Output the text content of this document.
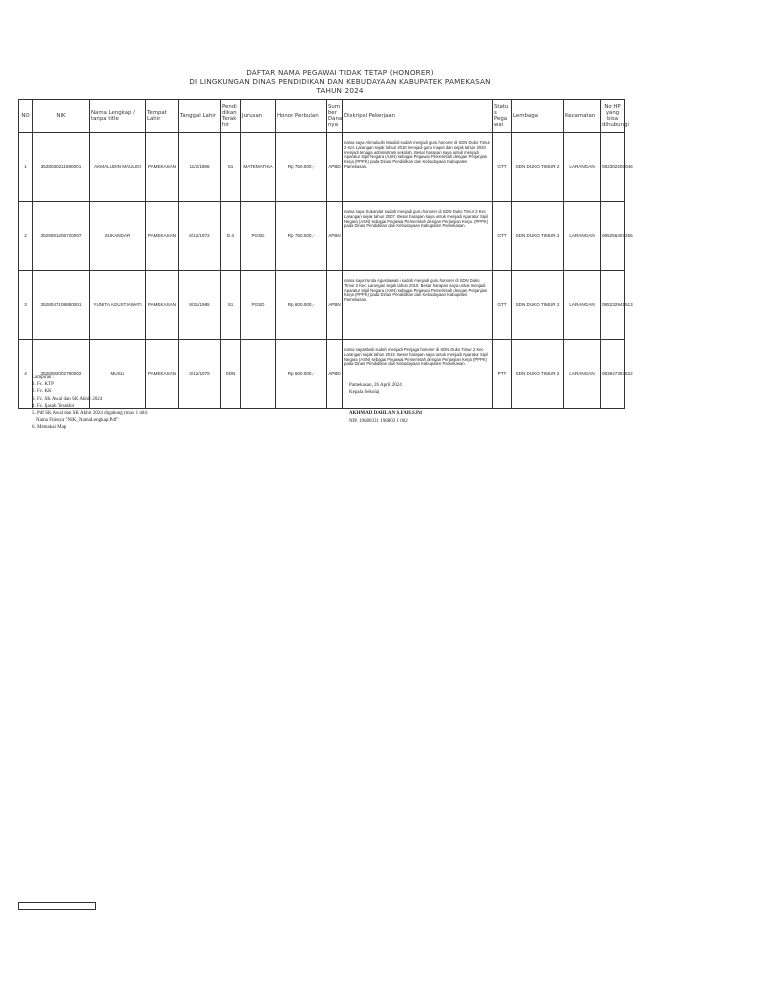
DAFTAR NAMA PEGAWAI TIDAK TETAP (HONORER)
DI LINGKUNGAN DINAS PENDIDIKAN DAN KEBUDAYAAN KABUPATEK PAMEKASAN
TAHUN 2024
NO	NIK	Nama Lengkap / tanpa title	Tempat Lahir	Tanggal Lahir	Pendi dikan Terak hir	Jurusan	Honor Perbulan	Sum ber Dana nya	Diskripsi Pekerjaan	Statu s Pega wai	Lembaga	Kecamatan	No HP yang bisa dihubungi
1	3528030211880001	AKMALUDIN MAULIDI	PAMEKASAN	11/2/1988	S1	MATEMATIKA	Rp 750.000,-	APBD	nama saya Akmaludin Maulidi sudah menjadi guru honorer di SDN Duko Timur 2 Kec Larangan sejak tahun 2010 menjadi guru mapel dan sejak tahun 2020 menjadi tenaga administrasi sekolah. Besar harapan saya untuk menjadi Aparatur Sipil Negara (ASN) sebagai Pegawai Pemerintah dengan Perjanjian Kerja (PPPK) pada Dinas Pendidikan dan Kebudayaan Kabupaten Pamekasan.	GTT	SDN DUKO TIMUR 2	LARANGAN	082302200046
2	3528081206720007	SUKANDAR	PAMEKASAN	6/12/1972	D.II	PGSD	Rp 750.000,-	APBN	nama saya Sukandar sudah menjadi guru honorer di SDN Duko Timur 2 Kec Larangan sejak tahun 2007. Besar harapan saya untuk menjadi Aparatur Sipil Negara (ASN) sebagai Pegawai Pemerintah dengan Perjanjian Kerja. (PPPK) pada Dinas Pendidikan dan Kebudayaan Kabupaten Pamekasan.	GTT	SDN DUKO TIMUR 2	LARANGAN	085258407255
3	3528047108850001	YUNITA AGUSTIAWATI	PAMEKASAN	8/31/1985	S1	PGSD	Rp 600.000,-	APBN	nama sayaYunita Agustiawati i sudah menjadi guru honorer di SDN Duko Timur 2 Kec Larangan sejak tahun 2010. Besar harapan saya untuk menjadi Aparatur Sipil Negara (ASN) sebagai Pegawai Pemerintah dengan Perjanjian Kerja (PPPK) pada Dinas Pendidikan dan Kebudayaan Kabupaten Pamekasan.	GTT	SDN DUKO TIMUR 2	LARANGAN	085232941513
4	3528082002790002	MUSLI	PAMEKASAN	3/12/1979	SDN		Rp 600.000,-	APBD	nama sayaMusli sudah menjadi Penjaga honorer di SDN Duko Timur 2 Kec Larangan sejak tahun 2013. Besar harapan saya untuk menjadi Aparatur Sipil Negara (ASN) sebagai Pegawai Pemerintah dengan Perjanjian Kerja (PPPK) pada Dinas Pendidikan dan Kebudayaan Kabupaten Pamekasan.	PTT	SDN DUKO TIMUR 2	LARANGAN	083847357622
Lampiran :
1. Fc. KTP
2. Fc. KK
3. Fc. SK Awal dan SK Akhir 2024
4. Fc. Ijasah Terakhir
5. Pdf SK Awal dan SK Akhir 2024 digabung (max 1 mb)
Nama Filenya "NIK_NamaLengkap.Pdf"
6. Memakai Map
Pamekasan, 26 April 2024
Kepala Sekolaj
AKHMAD DAHLAN S.FAH.S.Pd
NIP. 19680331 198803 1 002
